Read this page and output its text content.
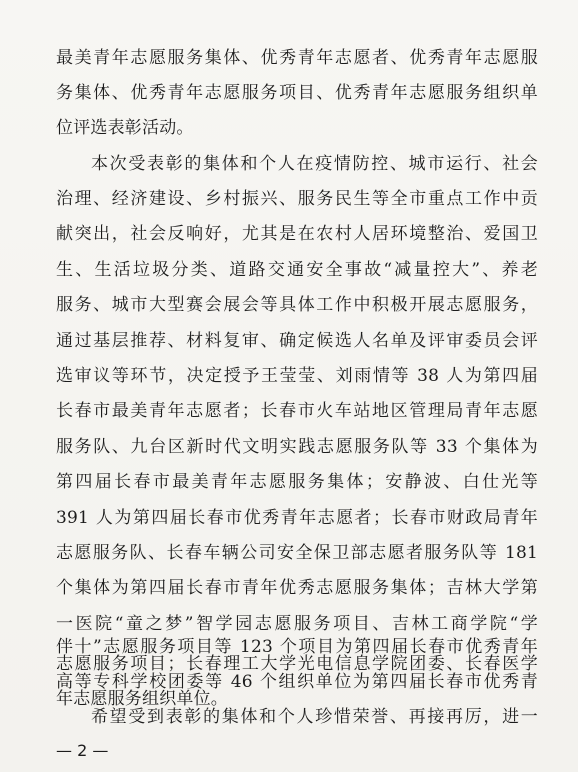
最美青年志愿服务集体、优秀青年志愿者、优秀青年志愿服
务集体、优秀青年志愿服务项目、优秀青年志愿服务组织单
位评选表彰活动。
本次受表彰的集体和个人在疫情防控、城市运行、社会
治理、经济建设、乡村振兴、服务民生等全市重点工作中贡
献突出，社会反响好，尤其是在农村人居环境整治、爱国卫
生、生活垃圾分类、道路交通安全事故“减量控大”、养老
服务、城市大型赛会展会等具体工作中积极开展志愿服务，
通过基层推荐、材料复审、确定候选人名单及评审委员会评
选审议等环节，决定授予王莹莹、刘雨情等 38 人为第四届
长春市最美青年志愿者；长春市火车站地区管理局青年志愿
服务队、九台区新时代文明实践志愿服务队等 33 个集体为
第四届长春市最美青年志愿服务集体；安静波、白仕光等
391 人为第四届长春市优秀青年志愿者；长春市财政局青年
志愿服务队、长春车辆公司安全保卫部志愿者服务队等 181
个集体为第四届长春市青年优秀志愿服务集体；吉林大学第
一医院“童之梦”智学园志愿服务项目、吉林工商学院“学
伴十”志愿服务项目等 123 个项目为第四届长春市优秀青年
志愿服务项目；长春理工大学光电信息学院团委、长春医学
高等专科学校团委等 46 个组织单位为第四届长春市优秀青
年志愿服务组织单位。
希望受到表彰的集体和个人珍惜荣誉、再接再厉，进一
— 2 —
